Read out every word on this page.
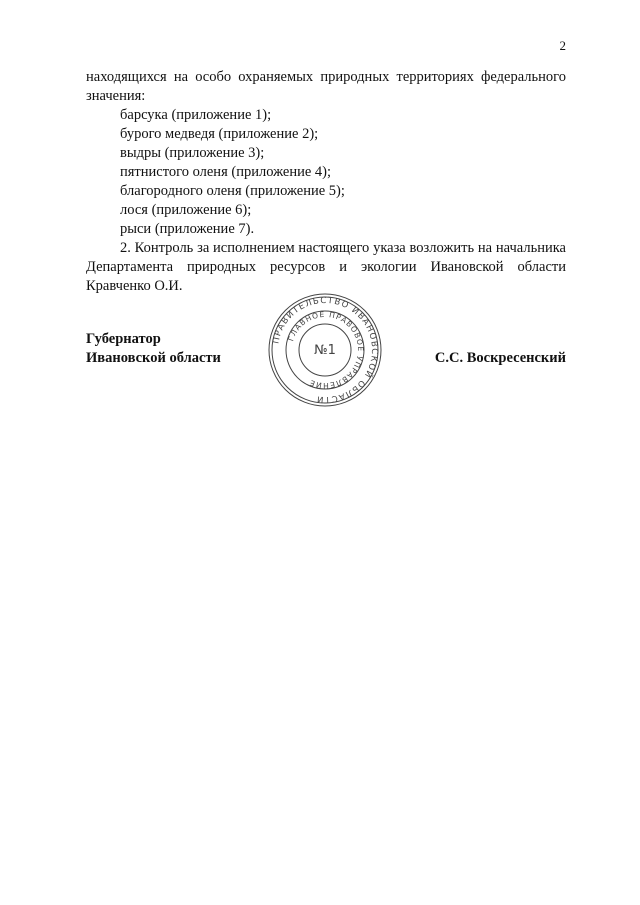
2

находящихся на особо охраняемых природных территориях федерального значения:

барсука (приложение 1);
бурого медведя (приложение 2);
выдры (приложение 3);
пятнистого оленя (приложение 4);
благородного оленя (приложение 5);
лося (приложение 6);
рыси (приложение 7).

2. Контроль за исполнением настоящего указа возложить на начальника Департамента природных ресурсов и экологии Ивановской области Кравченко О.И.

Губернатор
Ивановской области
ПРАВИТЕЛЬСТВО ИВАНОВСКОЙ ОБЛАСТИ
ГЛАВНОЕ ПРАВОВОЕ УПРАВЛЕНИЕ
№1	С.С. Воскресенский
